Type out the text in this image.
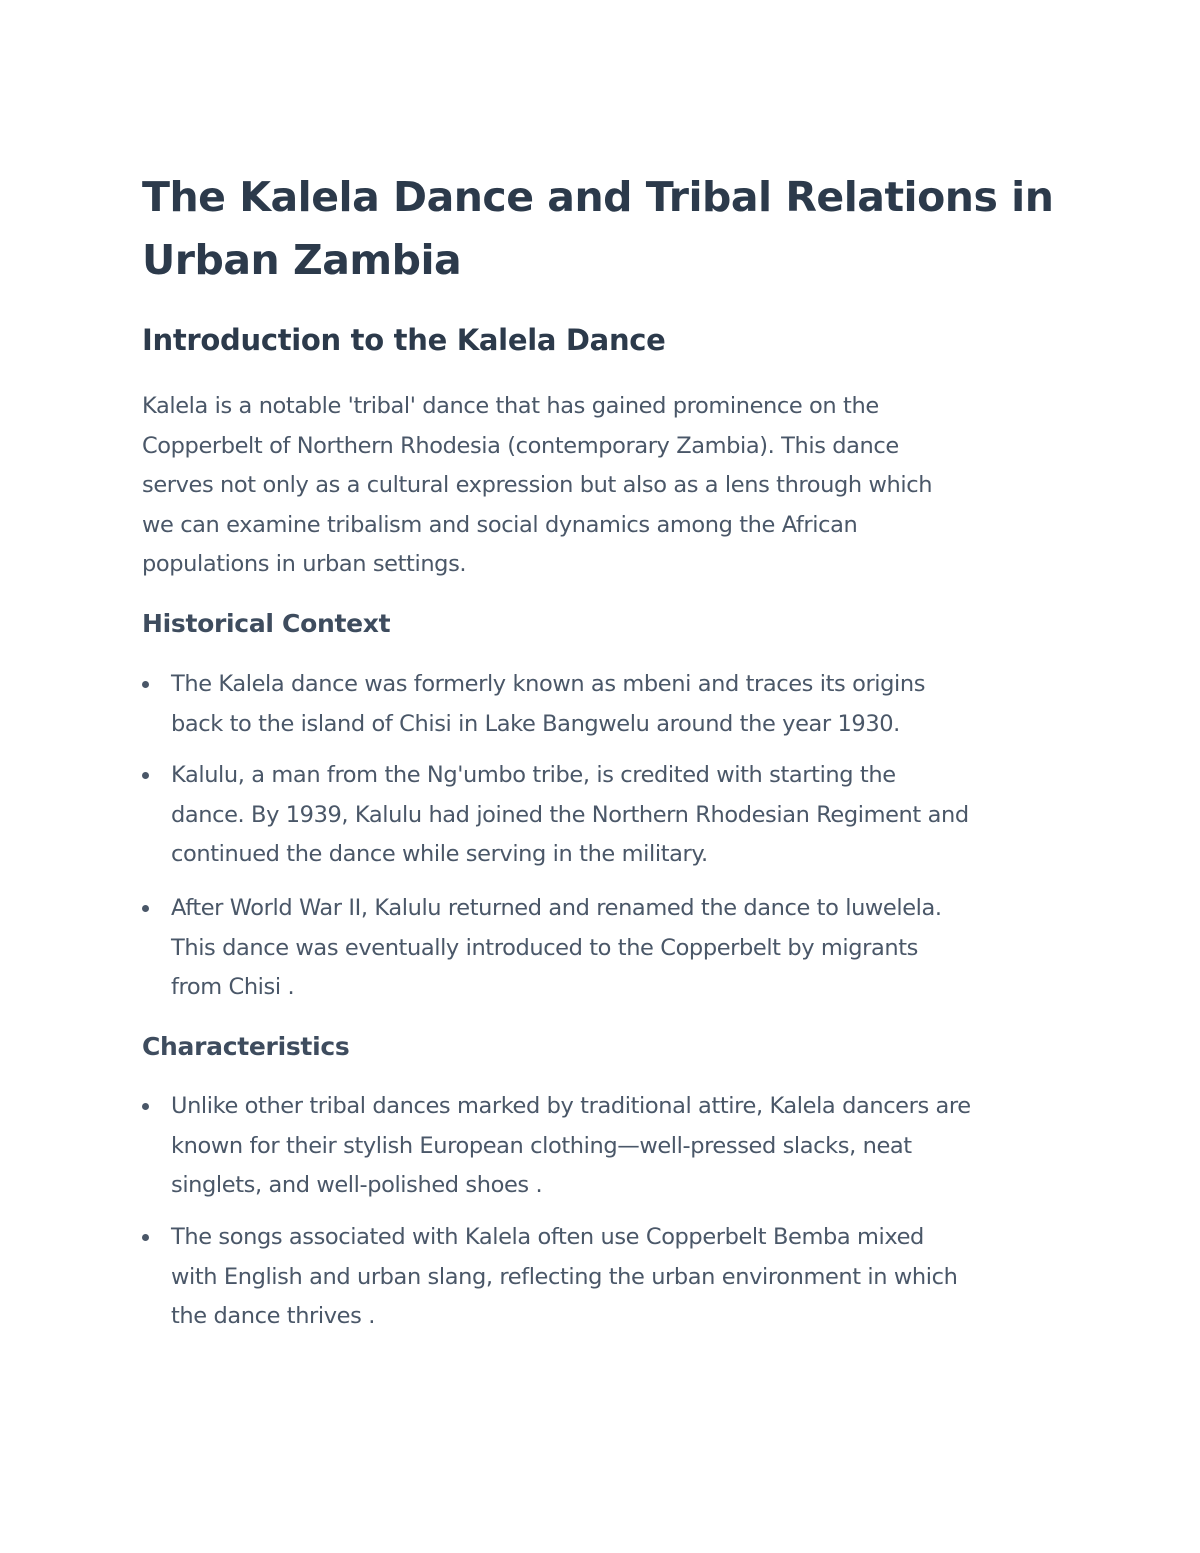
The Kalela Dance and Tribal Relations in
Urban Zambia
Introduction to the Kalela Dance

Kalela is a notable 'tribal' dance that has gained prominence on the
Copperbelt of Northern Rhodesia (contemporary Zambia). This dance
serves not only as a cultural expression but also as a lens through which
we can examine tribalism and social dynamics among the African
populations in urban settings.

Historical Context
The Kalela dance was formerly known as mbeni and traces its origins
back to the island of Chisi in Lake Bangwelu around the year 1930.
Kalulu, a man from the Ng'umbo tribe, is credited with starting the
dance. By 1939, Kalulu had joined the Northern Rhodesian Regiment and
continued the dance while serving in the military.
After World War II, Kalulu returned and renamed the dance to luwelela.
This dance was eventually introduced to the Copperbelt by migrants
from Chisi .
Characteristics
Unlike other tribal dances marked by traditional attire, Kalela dancers are
known for their stylish European clothing—well-pressed slacks, neat
singlets, and well-polished shoes .
The songs associated with Kalela often use Copperbelt Bemba mixed
with English and urban slang, reflecting the urban environment in which
the dance thrives .
